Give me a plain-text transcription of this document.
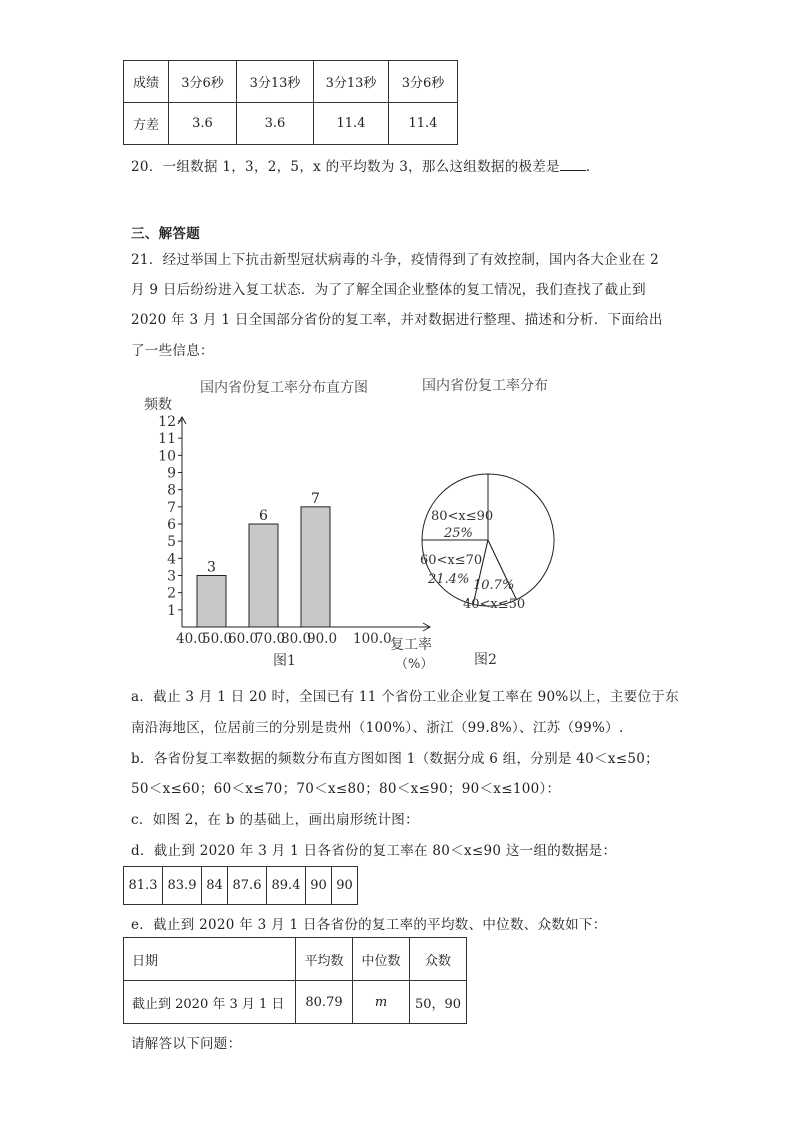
成绩	3分6秒	3分13秒	3分13秒	3分6秒
方差	3.6	3.6	11.4	11.4
20．一组数据 1，3，2，5，x 的平均数为 3，那么这组数据的极差是 ．
三、解答题
21．经过举国上下抗击新型冠状病毒的斗争，疫情得到了有效控制，国内各大企业在 2
月 9 日后纷纷进入复工状态．为了了解全国企业整体的复工情况，我们查找了截止到
2020 年 3 月 1 日全国部分省份的复工率，并对数据进行整理、描述和分析．下面给出
了一些信息：
国内省份复工率分布直方图
频数
1
2
3
4
5
6
7
8
9
10
11
12
3
6
7
40.0
50.0
60.0
70.0
80.0
90.0 100.0
复工率
（%）
图1
国内省份复工率分布
80<x≤90
25%
60<x≤70
21.4% 10.7%
40<x≤50
图2
a．截止 3 月 1 日 20 时，全国已有 11 个省份工业企业复工率在 90%以上，主要位于东
南沿海地区，位居前三的分别是贵州（100%）、浙江（99.8%）、江苏（99%）.
b．各省份复工率数据的频数分布直方图如图 1（数据分成 6 组，分别是 40＜x≤50；
50＜x≤60；60＜x≤70；70＜x≤80；80＜x≤90；90＜x≤100）：
c．如图 2，在 b 的基础上，画出扇形统计图：
d．截止到 2020 年 3 月 1 日各省份的复工率在 80＜x≤90 这一组的数据是：
81.3	83.9	84	87.6	89.4	90	90
e．截止到 2020 年 3 月 1 日各省份的复工率的平均数、中位数、众数如下：
日期	平均数	中位数	众数
截止到 2020 年 3 月 1 日	80.79	m	50，90
请解答以下问题：
